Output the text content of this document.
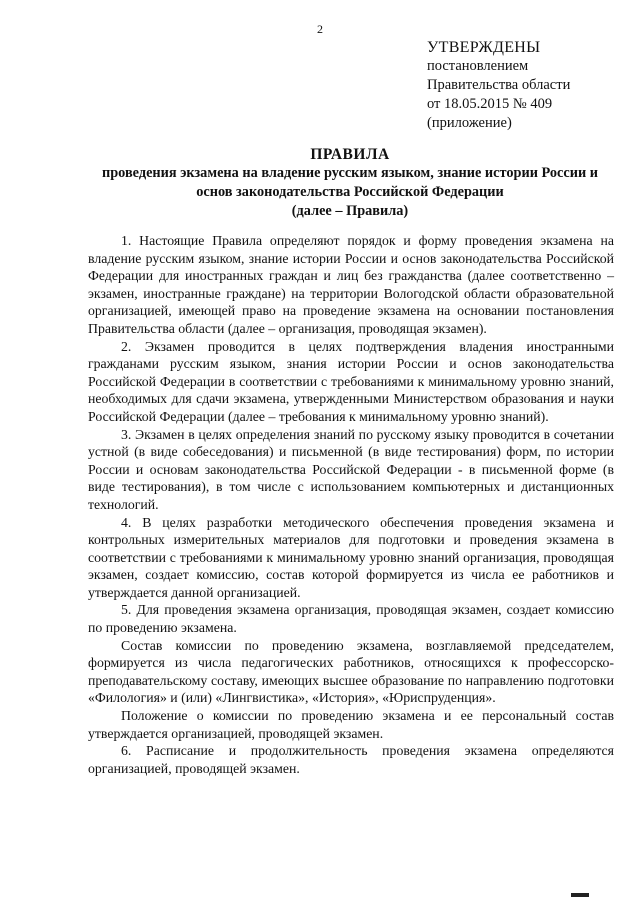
2
УТВЕРЖДЕНЫ
постановлением
Правительства области
от 18.05.2015 № 409
(приложение)
ПРАВИЛА
проведения экзамена на владение русским языком, знание истории России и
основ законодательства Российской Федерации
(далее – Правила)

1. Настоящие Правила определяют порядок и форму проведения экзамена на владение русским языком, знание истории России и основ законодательства Российской Федерации для иностранных граждан и лиц без гражданства (далее соответственно – экзамен, иностранные граждане) на территории Вологодской области образовательной организацией, имеющей право на проведение экзамена на основании постановления Правительства области (далее – организация, проводящая экзамен).

2. Экзамен проводится в целях подтверждения владения иностранными гражданами русским языком, знания истории России и основ законодательства Российской Федерации в соответствии с требованиями к минимальному уровню знаний, необходимых для сдачи экзамена, утвержденными Министерством образования и науки Российской Федерации (далее – требования к минимальному уровню знаний).

3. Экзамен в целях определения знаний по русскому языку проводится в сочетании устной (в виде собеседования) и письменной (в виде тестирования) форм, по истории России и основам законодательства Российской Федерации - в письменной форме (в виде тестирования), в том числе с использованием компьютерных и дистанционных технологий.

4. В целях разработки методического обеспечения проведения экзамена и контрольных измерительных материалов для подготовки и проведения экзамена в соответствии с требованиями к минимальному уровню знаний организация, проводящая экзамен, создает комиссию, состав которой формируется из числа ее работников и утверждается данной организацией.

5. Для проведения экзамена организация, проводящая экзамен, создает комиссию по проведению экзамена.

Состав комиссии по проведению экзамена, возглавляемой председателем, формируется из числа педагогических работников, относящихся к профессорско-преподавательскому составу, имеющих высшее образование по направлению подготовки «Филология» и (или) «Лингвистика», «История», «Юриспруденция».

Положение о комиссии по проведению экзамена и ее персональный состав утверждается организацией, проводящей экзамен.

6. Расписание и продолжительность проведения экзамена определяются организацией, проводящей экзамен.
